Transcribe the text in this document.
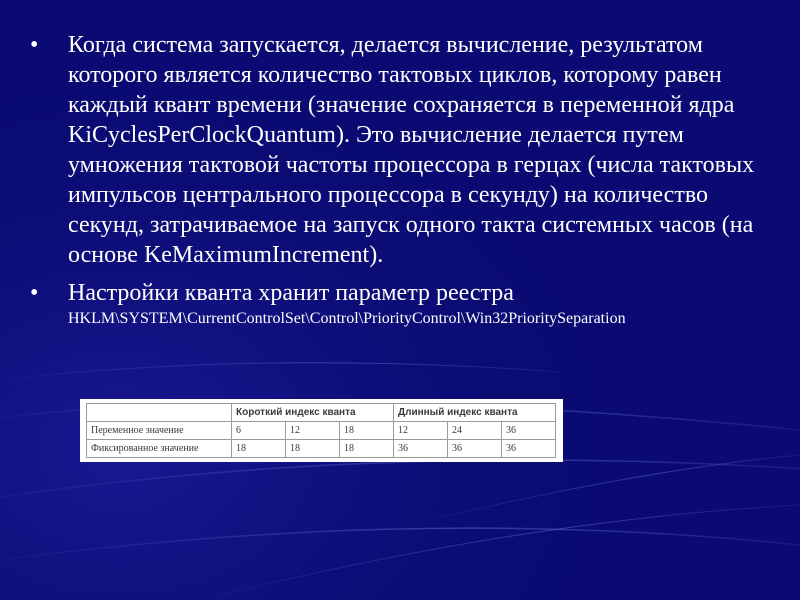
• Когда система запускается, делается вычисление, результатом которого является количество тактовых циклов, которому равен каждый квант времени (значение сохраняется в переменной ядра KiCyclesPerClockQuantum). Это вычисление делается путем умножения тактовой частоты процессора в герцах (числа тактовых импульсов центрального процессора в секунду) на количество секунд, затрачиваемое на запуск одного такта системных часов (на основе KeMaximumIncrement).
• Настройки кванта хранит параметр реестра
HKLM\SYSTEM\CurrentControlSet\Control\PriorityControl\Win32PrioritySeparation
	Короткий индекс кванта			Длинный индекс кванта		
Переменное значение	6	12	18	12	24	36
Фиксированное значение	18	18	18	36	36	36
